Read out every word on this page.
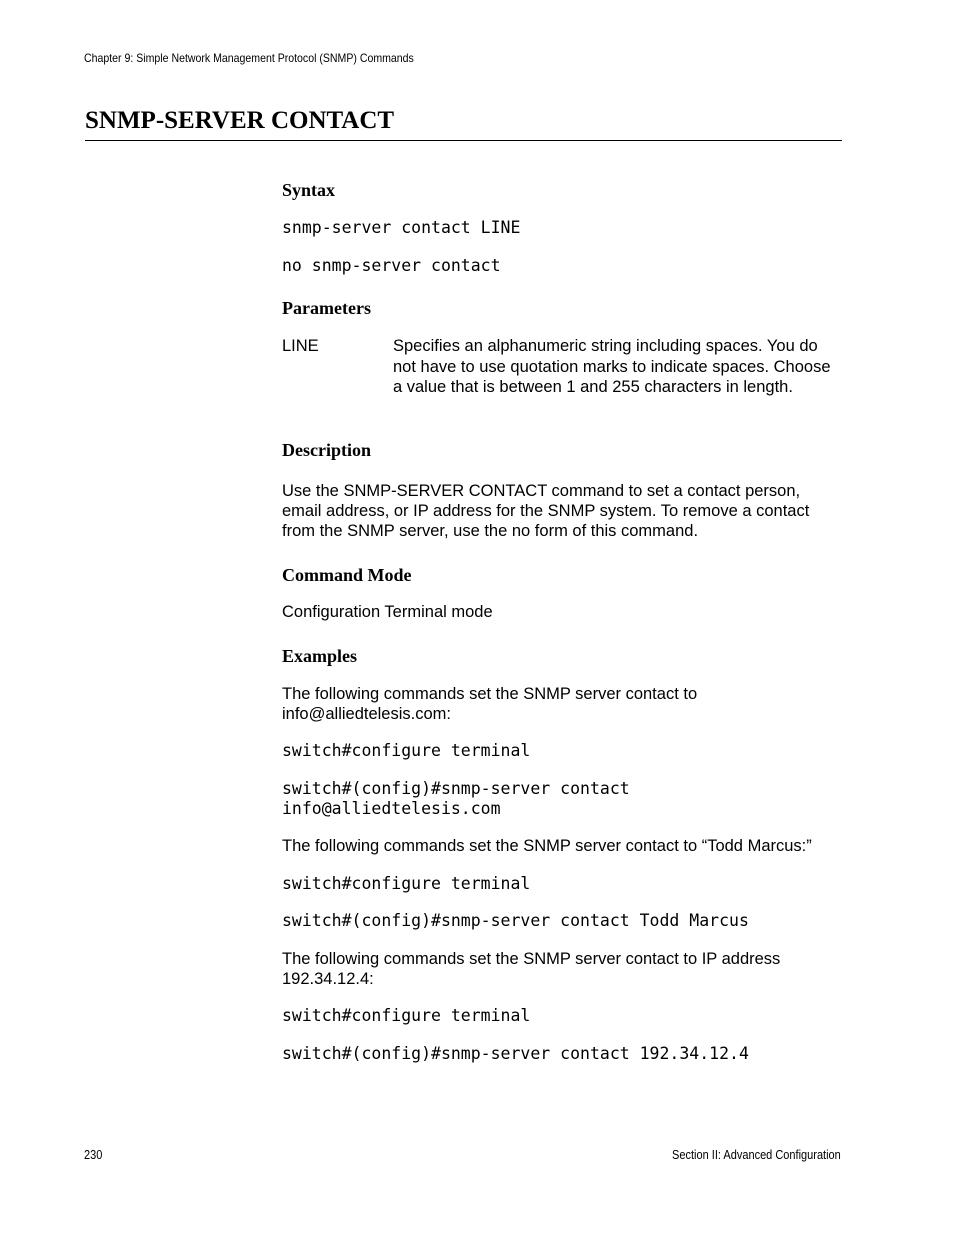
Chapter 9: Simple Network Management Protocol (SNMP) Commands
SNMP-SERVER CONTACT
Syntax
snmp-server contact LINE
no snmp-server contact
Parameters
LINE	Specifies an alphanumeric string including spaces. You do not have to use quotation marks to indicate spaces. Choose a value that is between 1 and 255 characters in length.
Description

Use the SNMP-SERVER CONTACT command to set a contact person, email address, or IP address for the SNMP system. To remove a contact from the SNMP server, use the no form of this command.

Command Mode

Configuration Terminal mode

Examples

The following commands set the SNMP server contact to info@alliedtelesis.com:

switch#configure terminal
switch#(config)#snmp-server contact
info@alliedtelesis.com

The following commands set the SNMP server contact to “Todd Marcus:”

switch#configure terminal
switch#(config)#snmp-server contact Todd Marcus

The following commands set the SNMP server contact to IP address 192.34.12.4:

switch#configure terminal
switch#(config)#snmp-server contact 192.34.12.4
230	Section II: Advanced Configuration
